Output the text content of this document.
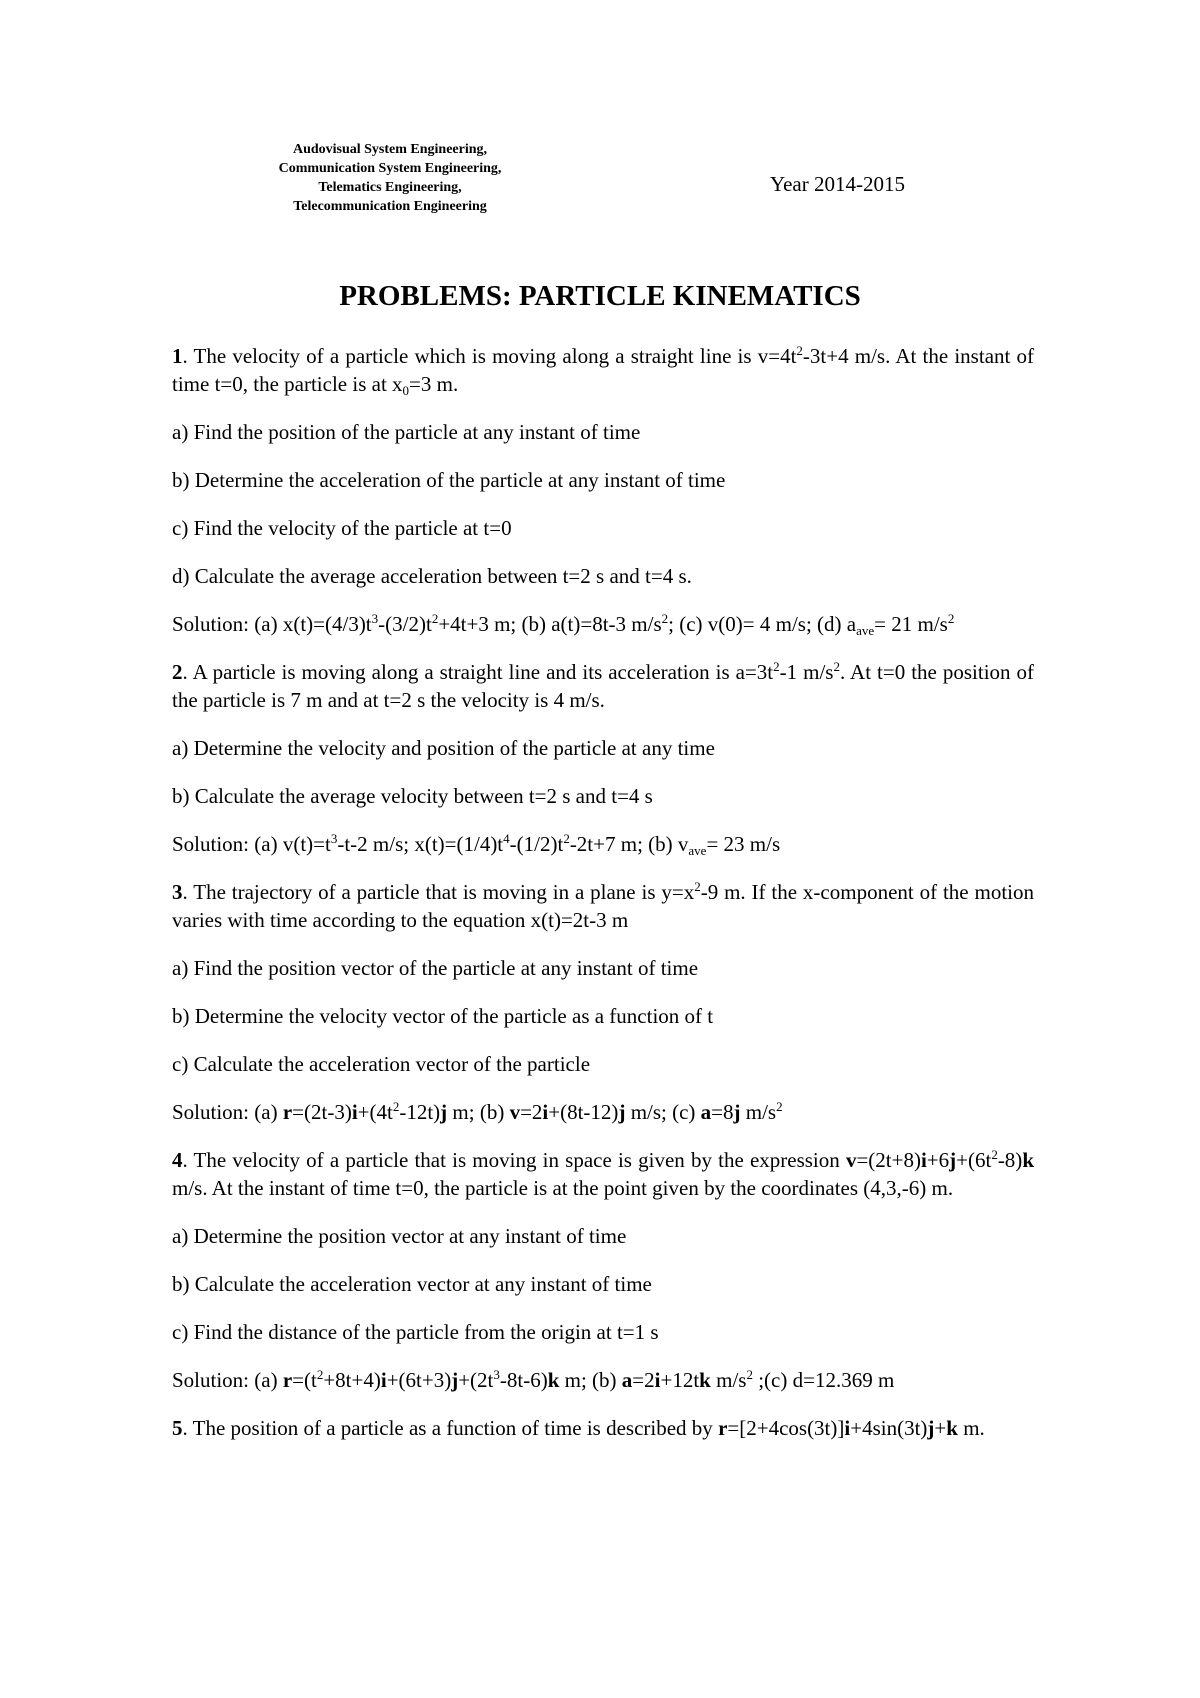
Audovisual System Engineering,
Communication System Engineering,
Telematics Engineering,
Telecommunication Engineering
Year 2014-2015
PROBLEMS: PARTICLE KINEMATICS

1. The velocity of a particle which is moving along a straight line is $v=4t^2-3t+4$ m/s. At the instant of time t=0, the particle is at $x_0=3$ m.

a) Find the position of the particle at any instant of time

b) Determine the acceleration of the particle at any instant of time

c) Find the velocity of the particle at t=0

d) Calculate the average acceleration between t=2 s and t=4 s.

Solution: (a) $x(t)=(4/3)t^3-(3/2)t^2+4t+3$ m; (b) a(t)=8t-3 $m/s^2$; (c) v(0)= 4 m/s; (d) $a_{ave}= 21$ $m/s^2$

2. A particle is moving along a straight line and its acceleration is $a=3t^2-1$ $m/s^2$. At t=0 the position of the particle is 7 m and at t=2 s the velocity is 4 m/s.

a) Determine the velocity and position of the particle at any time

b) Calculate the average velocity between t=2 s and t=4 s

Solution: (a) $v(t)=t^3-t-2$ m/s; $x(t)=(1/4)t^4-(1/2)t^2-2t+7$ m; (b) $v_{ave}= 23$ m/s

3. The trajectory of a particle that is moving in a plane is $y=x^2-9$ m. If the x-component of the motion varies with time according to the equation x(t)=2t-3 m

a) Find the position vector of the particle at any instant of time

b) Determine the velocity vector of the particle as a function of t

c) Calculate the acceleration vector of the particle

Solution: (a) $r=(2t-3)i+(4t^2-12t)j$ m; (b) v=2i+(8t-12)j m/s; (c) a=8j $m/s^2$

4. The velocity of a particle that is moving in space is given by the expression $v=(2t+8)i+6j+(6t^2-8)k$ m/s. At the instant of time t=0, the particle is at the point given by the coordinates (4,3,-6) m.

a) Determine the position vector at any instant of time

b) Calculate the acceleration vector at any instant of time

c) Find the distance of the particle from the origin at t=1 s

Solution: (a) $r=(t^2+8t+4)i+(6t+3)j+(2t^3-8t-6)k$ m; (b) a=2i+12tk $m/s^2$ ;(c) d=12.369 m

5. The position of a particle as a function of time is described by r=[2+4cos(3t)]i+4sin(3t)j+k m.
